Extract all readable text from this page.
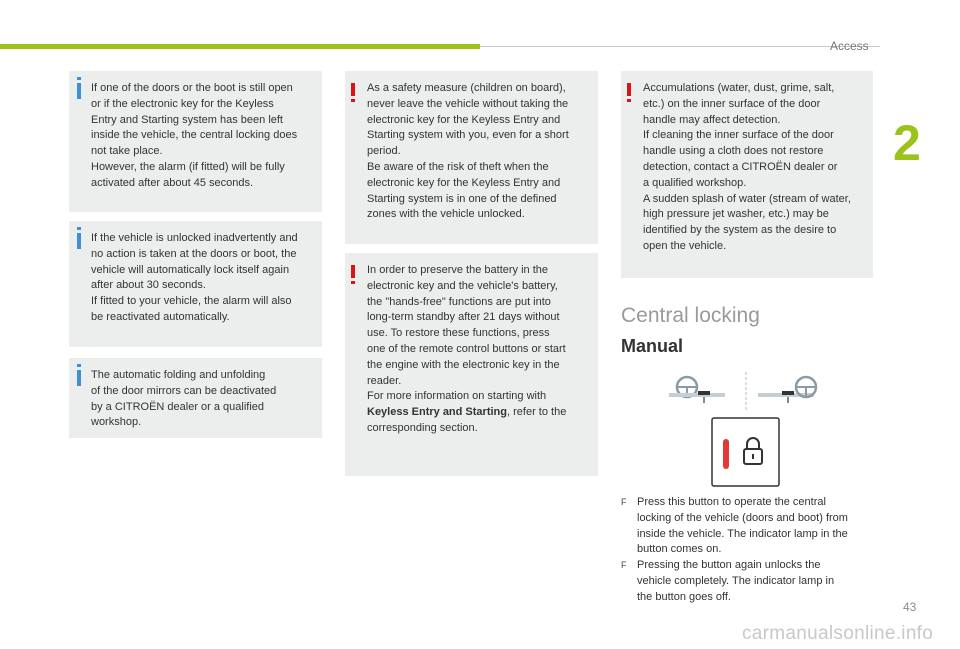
Access
2

If one of the doors or the boot is still open
or if the electronic key for the Keyless
Entry and Starting system has been left
inside the vehicle, the central locking does
not take place.
However, the alarm (if fitted) will be fully
activated after about 45 seconds.

If the vehicle is unlocked inadvertently and
no action is taken at the doors or boot, the
vehicle will automatically lock itself again
after about 30 seconds.
If fitted to your vehicle, the alarm will also
be reactivated automatically.

The automatic folding and unfolding
of the door mirrors can be deactivated
by a CITROËN dealer or a qualified
workshop.

As a safety measure (children on board),
never leave the vehicle without taking the
electronic key for the Keyless Entry and
Starting system with you, even for a short
period.
Be aware of the risk of theft when the
electronic key for the Keyless Entry and
Starting system is in one of the defined
zones with the vehicle unlocked.

In order to preserve the battery in the
electronic key and the vehicle's battery,
the "hands-free" functions are put into
long-term standby after 21 days without
use. To restore these functions, press
one of the remote control buttons or start
the engine with the electronic key in the
reader.
For more information on starting with Keyless Entry and Starting, refer to the
corresponding section.

Accumulations (water, dust, grime, salt,
etc.) on the inner surface of the door
handle may affect detection.
If cleaning the inner surface of the door
handle using a cloth does not restore
detection, contact a CITROËN dealer or
a qualified workshop.
A sudden splash of water (stream of water,
high pressure jet washer, etc.) may be
identified by the system as the desire to
open the vehicle.

Central locking
Manual

F Press this button to operate the central
locking of the vehicle (doors and boot) from
inside the vehicle. The indicator lamp in the
button comes on.

F Pressing the button again unlocks the
vehicle completely. The indicator lamp in
the button goes off.

43
carmanualsonline.info
